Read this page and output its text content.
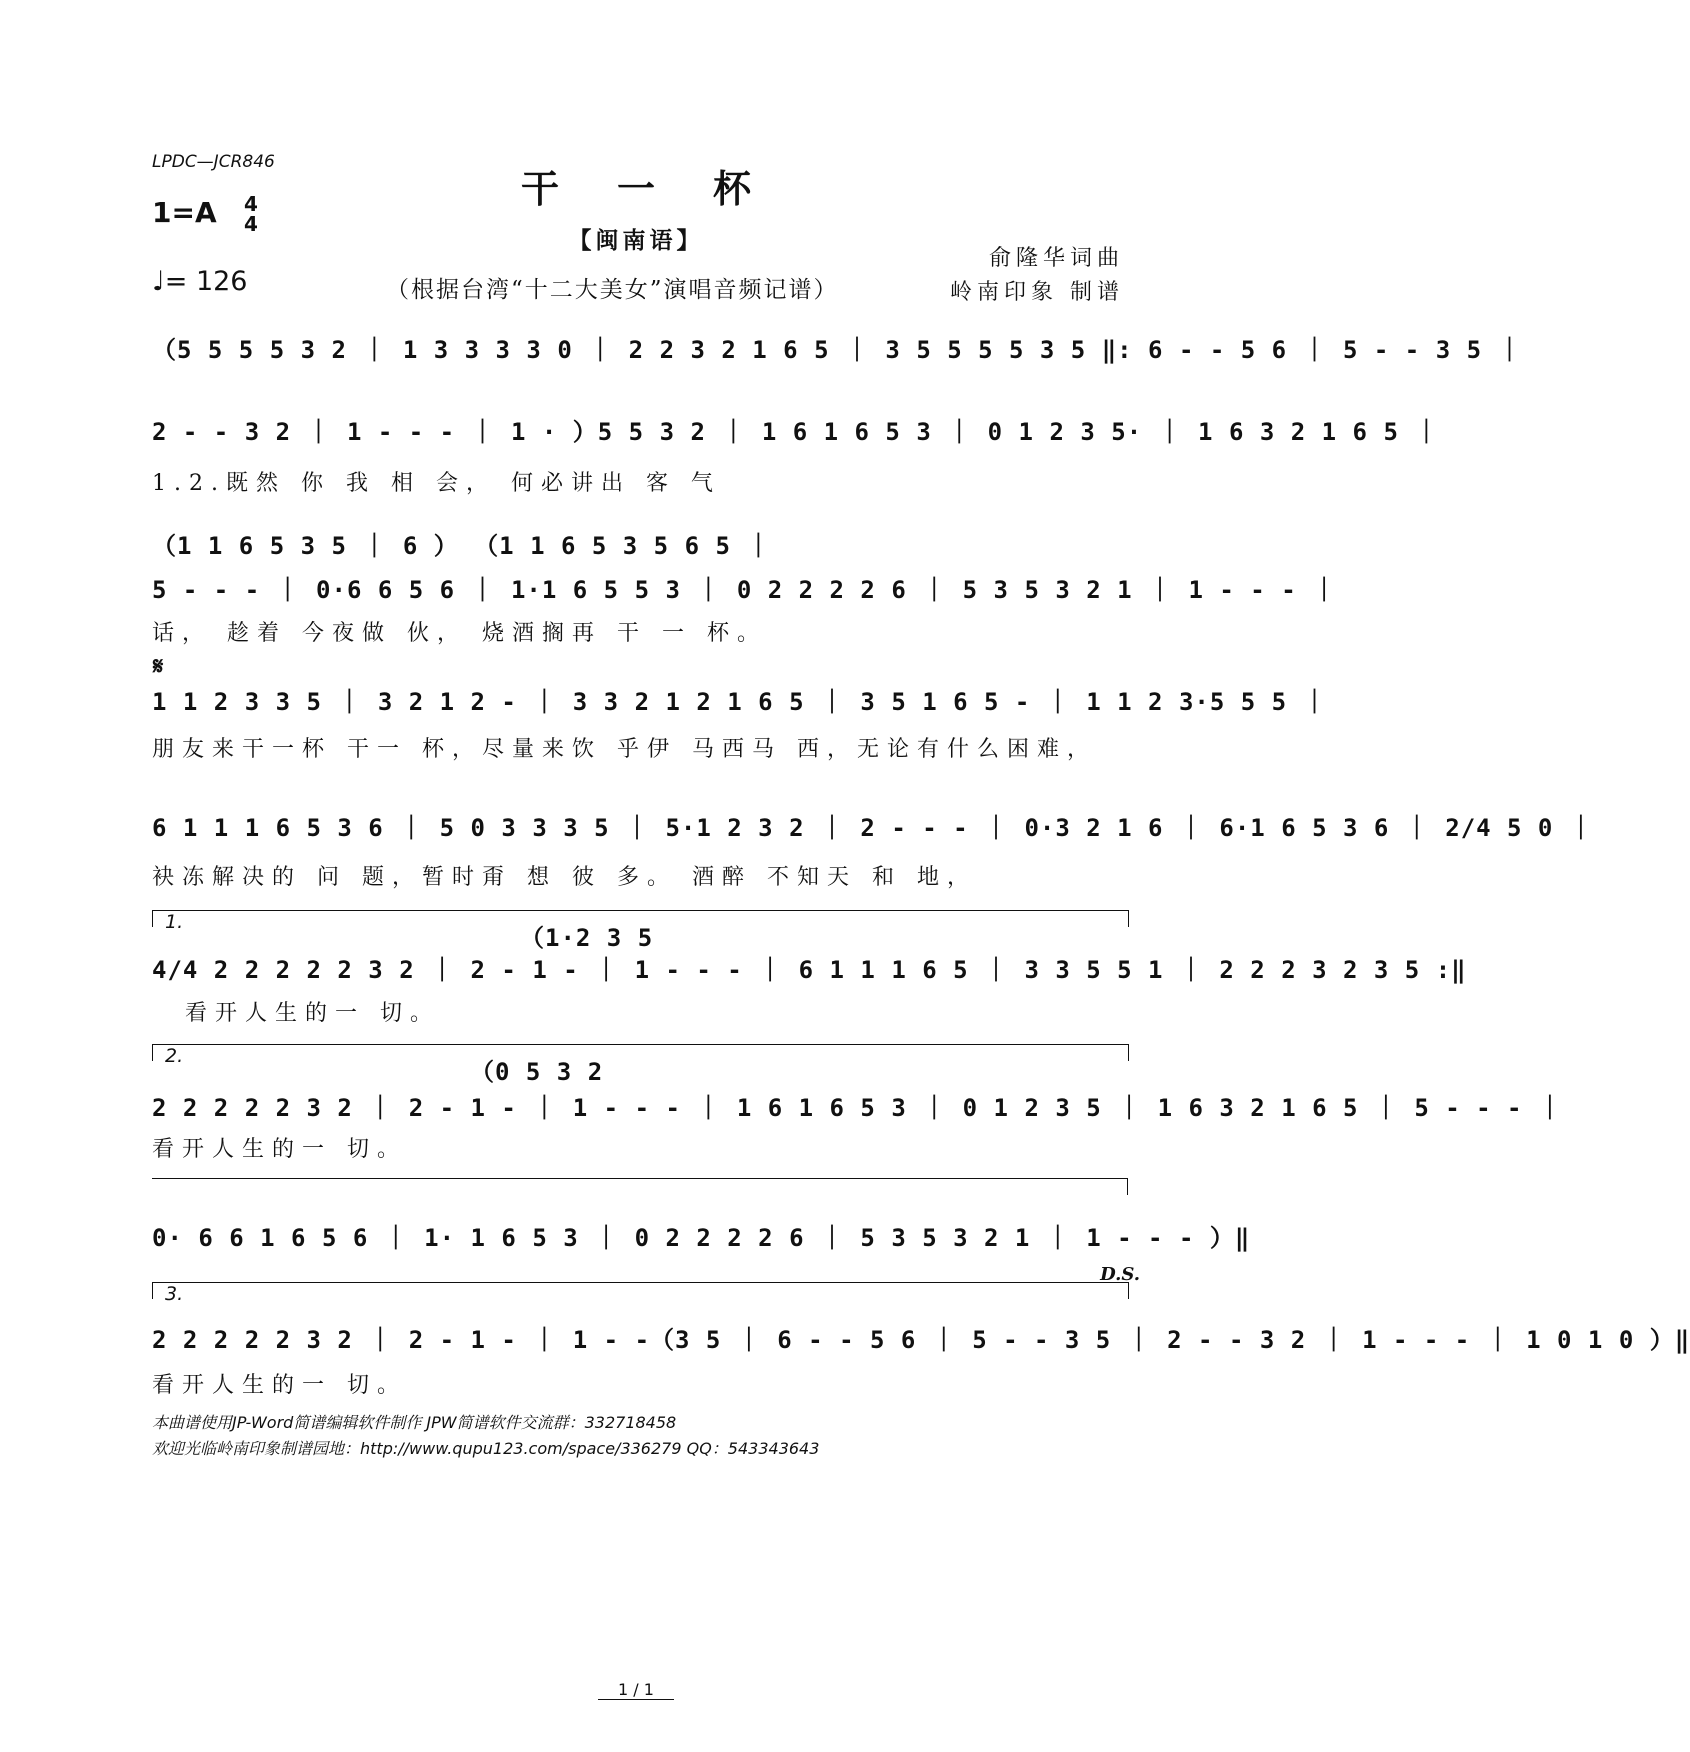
LPDC—JCR846
干一杯
1=A	4
4
♩= 126
【闽南语】
（根据台湾“十二大美女”演唱音频记谱）
俞隆华词曲
岭南印象 制谱
（5 5 5 5 3 2 ｜ 1 3 3 3 3 0 ｜ 2 2 3 2 1 6 5 ｜ 3 5 5 5 5 3 5 ‖: 6 - - 5 6 ｜ 5 - - 3 5 ｜
2 - - 3 2 ｜ 1 - - - ｜ 1 · ）5 5 3 2 ｜ 1 6 1 6 5 3 ｜ 0 1 2 3 5· ｜ 1 6 3 2 1 6 5 ｜
1.2.既然 你 我 相 会， 何必讲出 客 气
（1 1 6 5 3 5 ｜ 6 ） （1 1 6 5 3 5 6 5 ｜
5 - - - ｜ 0·6 6 5 6 ｜ 1·1 6 5 5 3 ｜ 0 2 2 2 2 6 ｜ 5 3 5 3 2 1 ｜ 1 - - - ｜
话， 趁着 今夜做 伙， 烧酒搁再 干 一 杯。
𝄋
1 1 2 3 3 5 ｜ 3 2 1 2 - ｜ 3 3 2 1 2 1 6 5 ｜ 3 5 1 6 5 - ｜ 1 1 2 3·5 5 5 ｜
朋友来干一杯 干一 杯，尽量来饮 乎伊 马西马 西，无论有什么困难，
6 1 1 1 6 5 3 6 ｜ 5 0 3 3 3 5 ｜ 5·1 2 3 2 ｜ 2 - - - ｜ 0·3 2 1 6 ｜ 6·1 6 5 3 6 ｜ 2/4 5 0 ｜
袂冻解决的 问 题，暂时甭 想 彼 多。 酒醉 不知天 和 地，
1.
（1·2 3 5
4/4 2 2 2 2 2 3 2 ｜ 2 - 1 - ｜ 1 - - - ｜ 6 1 1 1 6 5 ｜ 3 3 5 5 1 ｜ 2 2 2 3 2 3 5 :‖
看开人生的一 切。
2.
（0 5 3 2
2 2 2 2 2 3 2 ｜ 2 - 1 - ｜ 1 - - - ｜ 1 6 1 6 5 3 ｜ 0 1 2 3 5 ｜ 1 6 3 2 1 6 5 ｜ 5 - - - ｜
看开人生的一 切。
0· 6 6 1 6 5 6 ｜ 1· 1 6 5 3 ｜ 0 2 2 2 2 6 ｜ 5 3 5 3 2 1 ｜ 1 - - - ）‖
D.S.
3.
2 2 2 2 2 3 2 ｜ 2 - 1 - ｜ 1 - -（3 5 ｜ 6 - - 5 6 ｜ 5 - - 3 5 ｜ 2 - - 3 2 ｜ 1 - - - ｜ 1 0 1 0 ）‖
看开人生的一 切。
本曲谱使用JP-Word简谱编辑软件制作 JPW简谱软件交流群：332718458
欢迎光临岭南印象制谱园地：http://www.qupu123.com/space/336279 QQ：543343643
1 / 1
